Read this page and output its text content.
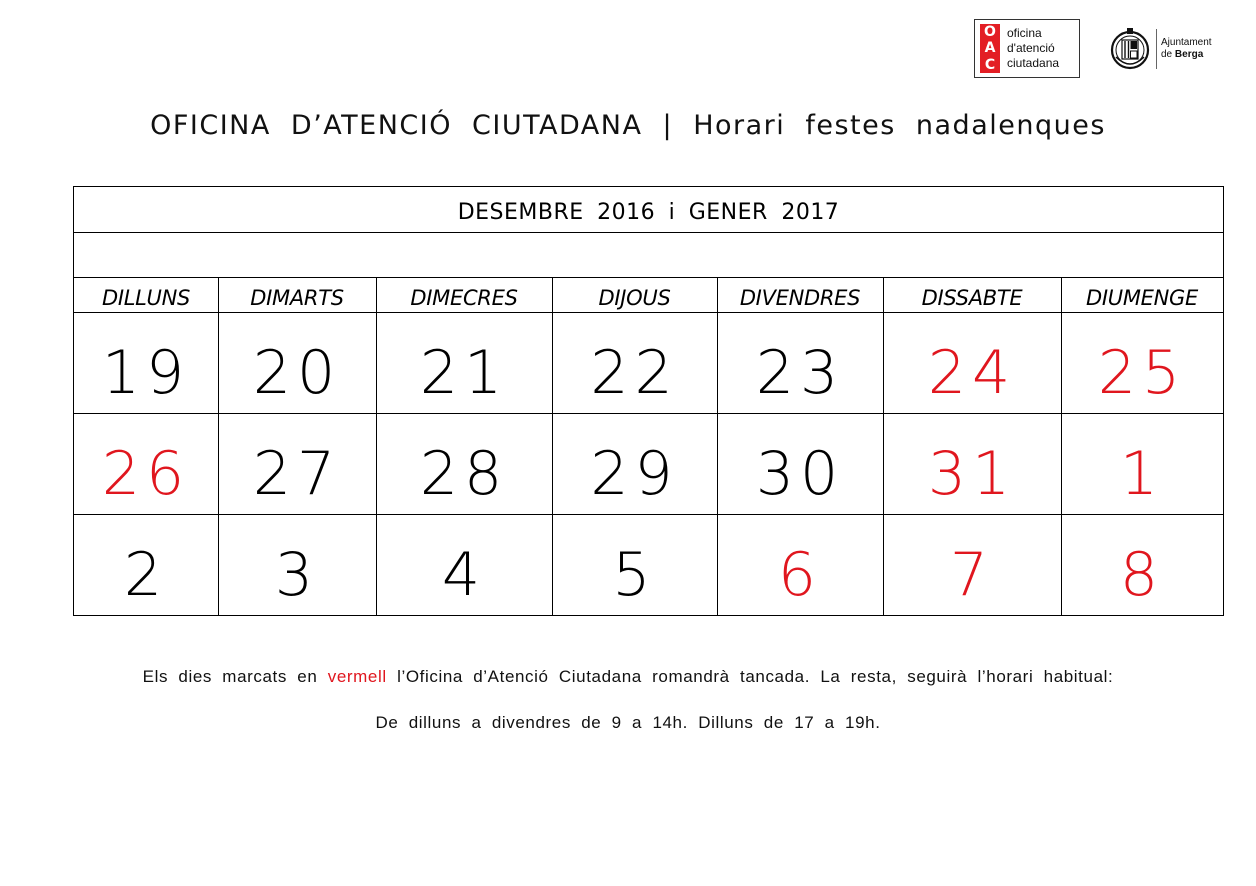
O
A
C
oficina
d'atenció
ciutadana
Ajuntament
de Berga
OFICINA D’ATENCIÓ CIUTADANA | Horari festes nadalenques
DESEMBRE 2016 i GENER 2017
DILLUNS	DIMARTS	DIMECRES	DIJOUS	DIVENDRES	DISSABTE	DIUMENGE
19	20	21	22	23	24	25
26	27	28	29	30	31	1
2	3	4	5	6	7	8
Els dies marcats en vermell l’Oficina d’Atenció Ciutadana romandrà tancada. La resta, seguirà l’horari habitual:
De dilluns a divendres de 9 a 14h. Dilluns de 17 a 19h.
